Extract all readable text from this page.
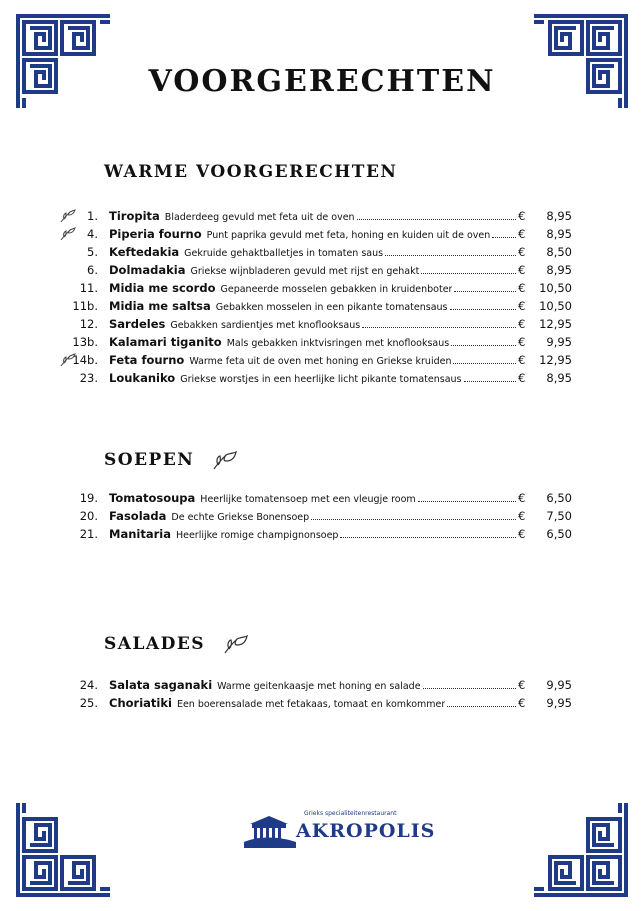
VOORGERECHTEN
WARME VOORGERECHTEN
1. Tiropita Bladerdeeg gevuld met feta uit de oven	€	8,95
4. Piperia fourno Punt paprika gevuld met feta, honing en kuiden uit de oven €	8,95
5. Keftedakia Gekruide gehaktballetjes in tomaten saus	€	8,50
6. Dolmadakia Griekse wijnbladeren gevuld met rijst en gehakt	€	8,95
11. Midia me scordo Gepaneerde mosselen gebakken in kruidenboter	€	10,50
11b. Midia me saltsa Gebakken mosselen in een pikante tomatensaus	€	10,50
12. Sardeles Gebakken sardientjes met knoflooksaus	€	12,95
13b. Kalamari tiganito Mals gebakken inktvisringen met knoflooksaus	€	9,95
14b. Feta fourno Warme feta uit de oven met honing en Griekse kruiden	€	12,95
23. Loukaniko Griekse worstjes in een heerlijke licht pikante tomatensaus	€	8,95
SOEPEN
19. Tomatosoupa Heerlijke tomatensoep met een vleugje room	€	6,50
20. Fasolada De echte Griekse Bonensoep	€	7,50
21. Manitaria Heerlijke romige champignonsoep	€	6,50
SALADES
24. Salata saganaki Warme geitenkaasje met honing en salade	€	9,95
25. Choriatiki Een boerensalade met fetakaas, tomaat en komkommer	€	9,95
Grieks specialiteitenrestaurant
AKROPOLIS
